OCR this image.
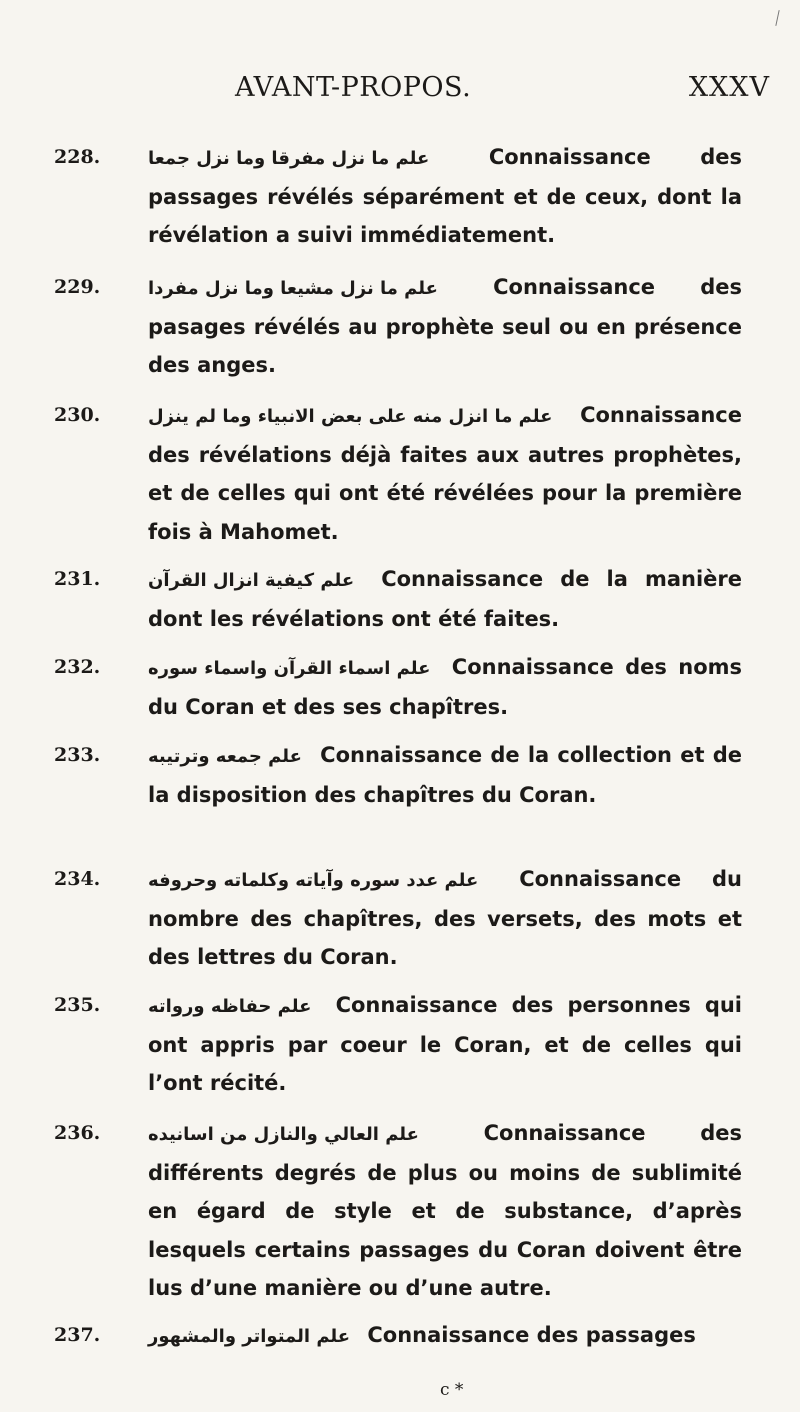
AVANT-PROPOS.	XXXV
228.	علم ما نزل مفرقا وما نزل جمعا	Connaissance des passages révélés séparément et de ceux, dont la révélation a suivi immédiatement.
229.	علم ما نزل مشيعا وما نزل مفردا	Connaissance des pasages révélés au prophète seul ou en présence des anges.
230.	علم ما انزل منه على بعض الانبياء وما لم ينزل Connaissance des révélations déjà faites aux autres prophètes, et de celles qui ont été révélées pour la première fois à Mahomet.
231.	علم كيفية انزال القرآن Connaissance de la manière dont les révélations ont été faites.
232.	علم اسماء القرآن واسماء سوره Connaissance des noms du Coran et des ses chapîtres.
233.	علم جمعه وترتيبه Connaissance de la collection et de la disposition des chapîtres du Coran.
234.	علم عدد سوره وآياته وكلماته وحروفه Connaissance du nombre des chapîtres, des versets, des mots et des lettres du Coran.
235.	علم حفاظه ورواته Connaissance des personnes qui ont appris par coeur le Coran, et de celles qui l’ont récité.
236.	علم العالي والنازل من اسانيده	Connaissance des différents degrés de plus ou moins de sublimité en égard de style et de substance, d’après lesquels certains passages du Coran doivent être lus d’une manière ou d’une autre.
237.	علم المتواتر والمشهور Connaissance des passages
c *
